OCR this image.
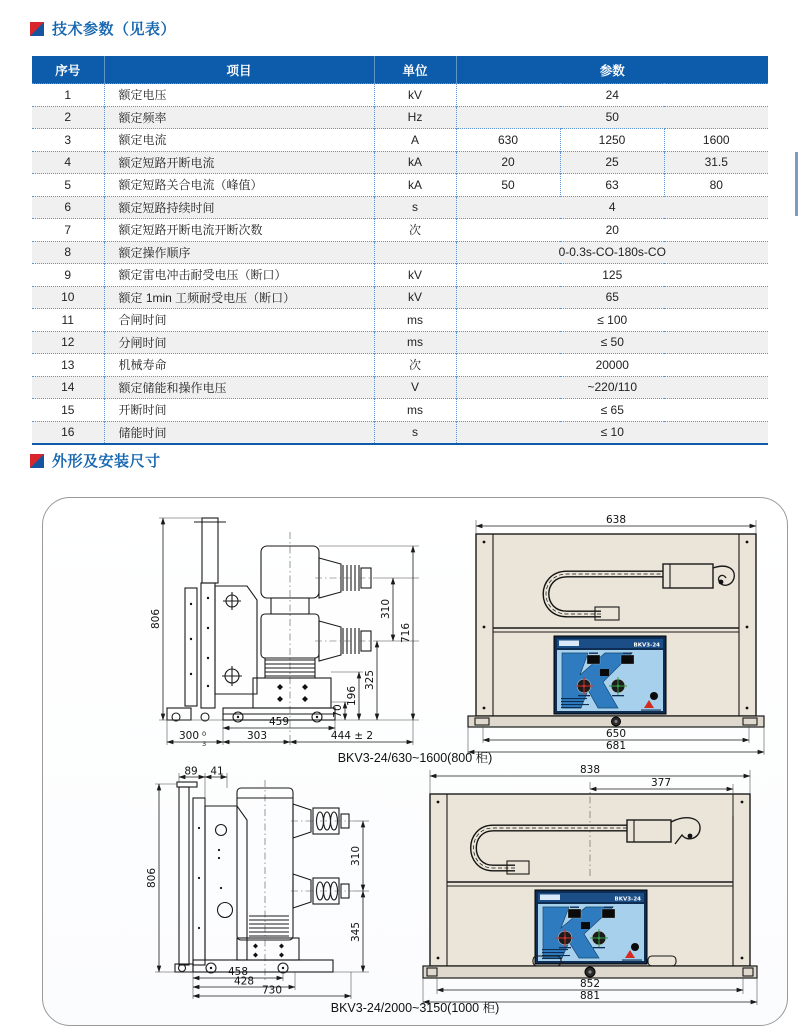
技术参数（见表）
序号	项目	单位	参数		
1	额定电压	kV	24		
2	额定频率	Hz	50		
3	额定电流	A	630	1250	1600
4	额定短路开断电流	kA	20	25	31.5
5	额定短路关合电流（峰值）	kA	50	63	80
6	额定短路持续时间	s	4		
7	额定短路开断电流开断次数	次	20		
8	额定操作顺序		0-0.3s-CO-180s-CO		
9	额定雷电冲击耐受电压（断口）	kV	125		
10	额定 1min 工频耐受电压（断口）	kV	65		
11	合闸时间	ms	≤ 100		
12	分闸时间	ms	≤ 50		
13	机械寿命	次	20000		
14	额定储能和操作电压	V	~220/110		
15	开断时间	ms	≤ 65		
16	储能时间	s	≤ 10		
外形及安装尺寸
806	310
716
325
196
70
459
300 0
3
303	444 ± 2
BKV3-24
638
650
681
BKV3-24/630~1600(800 柜)
89 41
806
310
345
458
428
730
BKV3-24
838
377
852
881
BKV3-24/2000~3150(1000 柜)
